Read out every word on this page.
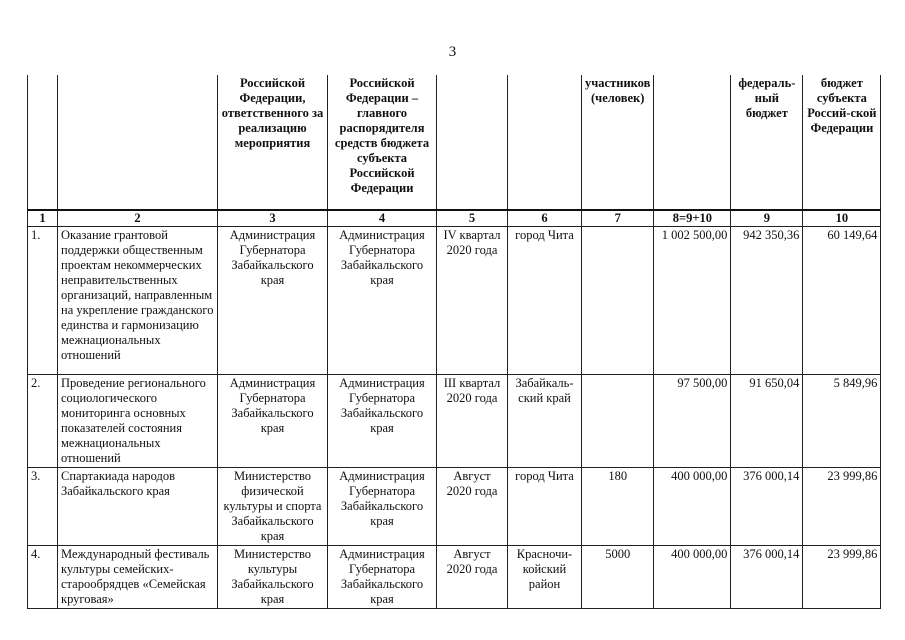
3
		Российской Федерации, ответственного за реализацию мероприятия	Российской Федерации – главного распорядителя средств бюджета субъекта Российской Федерации			участников (человек)		федераль-ный бюджет	бюджет субъекта Россий-ской Федерации
1	2	3	4	5	6	7	8=9+10	9	10
1.	Оказание грантовой поддержки общественным проектам некоммерческих неправительственных организаций, направленным на укрепление гражданского единства и гармонизацию межнациональных отношений	Администрация Губернатора Забайкальского края	Администрация Губернатора Забайкальского края	IV квартал 2020 года	город Чита		1 002 500,00	942 350,36	60 149,64
2.	Проведение регионального социологического мониторинга основных показателей состояния межнациональных отношений	Администрация Губернатора Забайкальского края	Администрация Губернатора Забайкальского края	III квартал 2020 года	Забайкаль-ский край		97 500,00	91 650,04	5 849,96
3.	Спартакиада народов Забайкальского края	Министерство физической культуры и спорта Забайкальского края	Администрация Губернатора Забайкальского края	Август 2020 года	город Чита	180	400 000,00	376 000,14	23 999,86
4.	Международный фестиваль культуры семейских-старообрядцев «Семейская круговая»	Министерство культуры Забайкальского края	Администрация Губернатора Забайкальского края	Август 2020 года	Красночи-койский район	5000	400 000,00	376 000,14	23 999,86
